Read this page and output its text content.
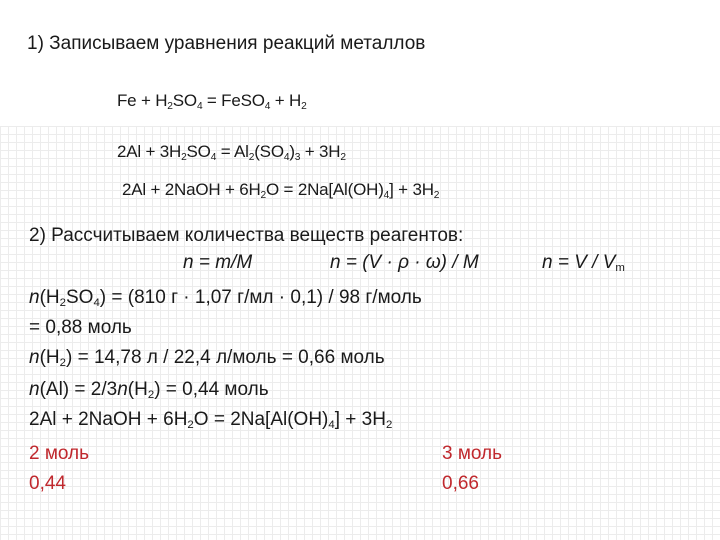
1) Записываем уравнения реакций металлов
$Fe + H_2SO_4$ = FeSO$_4$ + $H_2$
$2Al + 3H_2SO_4 = Al_2(SO_4)_3 + 3H_2$
2Al + 2NaOH + $6H_2O = 2Na[Al(OH)_4] + 3H_2$
2) Рассчитываем количества веществ реагентов:
n = m/M	n = (V · ρ · ω) / M	$n = V / V_m$
$n(H_2SO_4) = (810$ г · 1,07 г/мл · 0,1) / 98 г/моль
= 0,88 моль
$n(H_2) = 14,78$ л / 22,4 л/моль = 0,66 моль
$n(Al) = 2/3n(H_2) = 0,44$ моль
2Al + 2NaOH + $6H_2O = 2Na[Al(OH)_4] + 3H_2$
2 моль	3 моль
0,44	0,66
